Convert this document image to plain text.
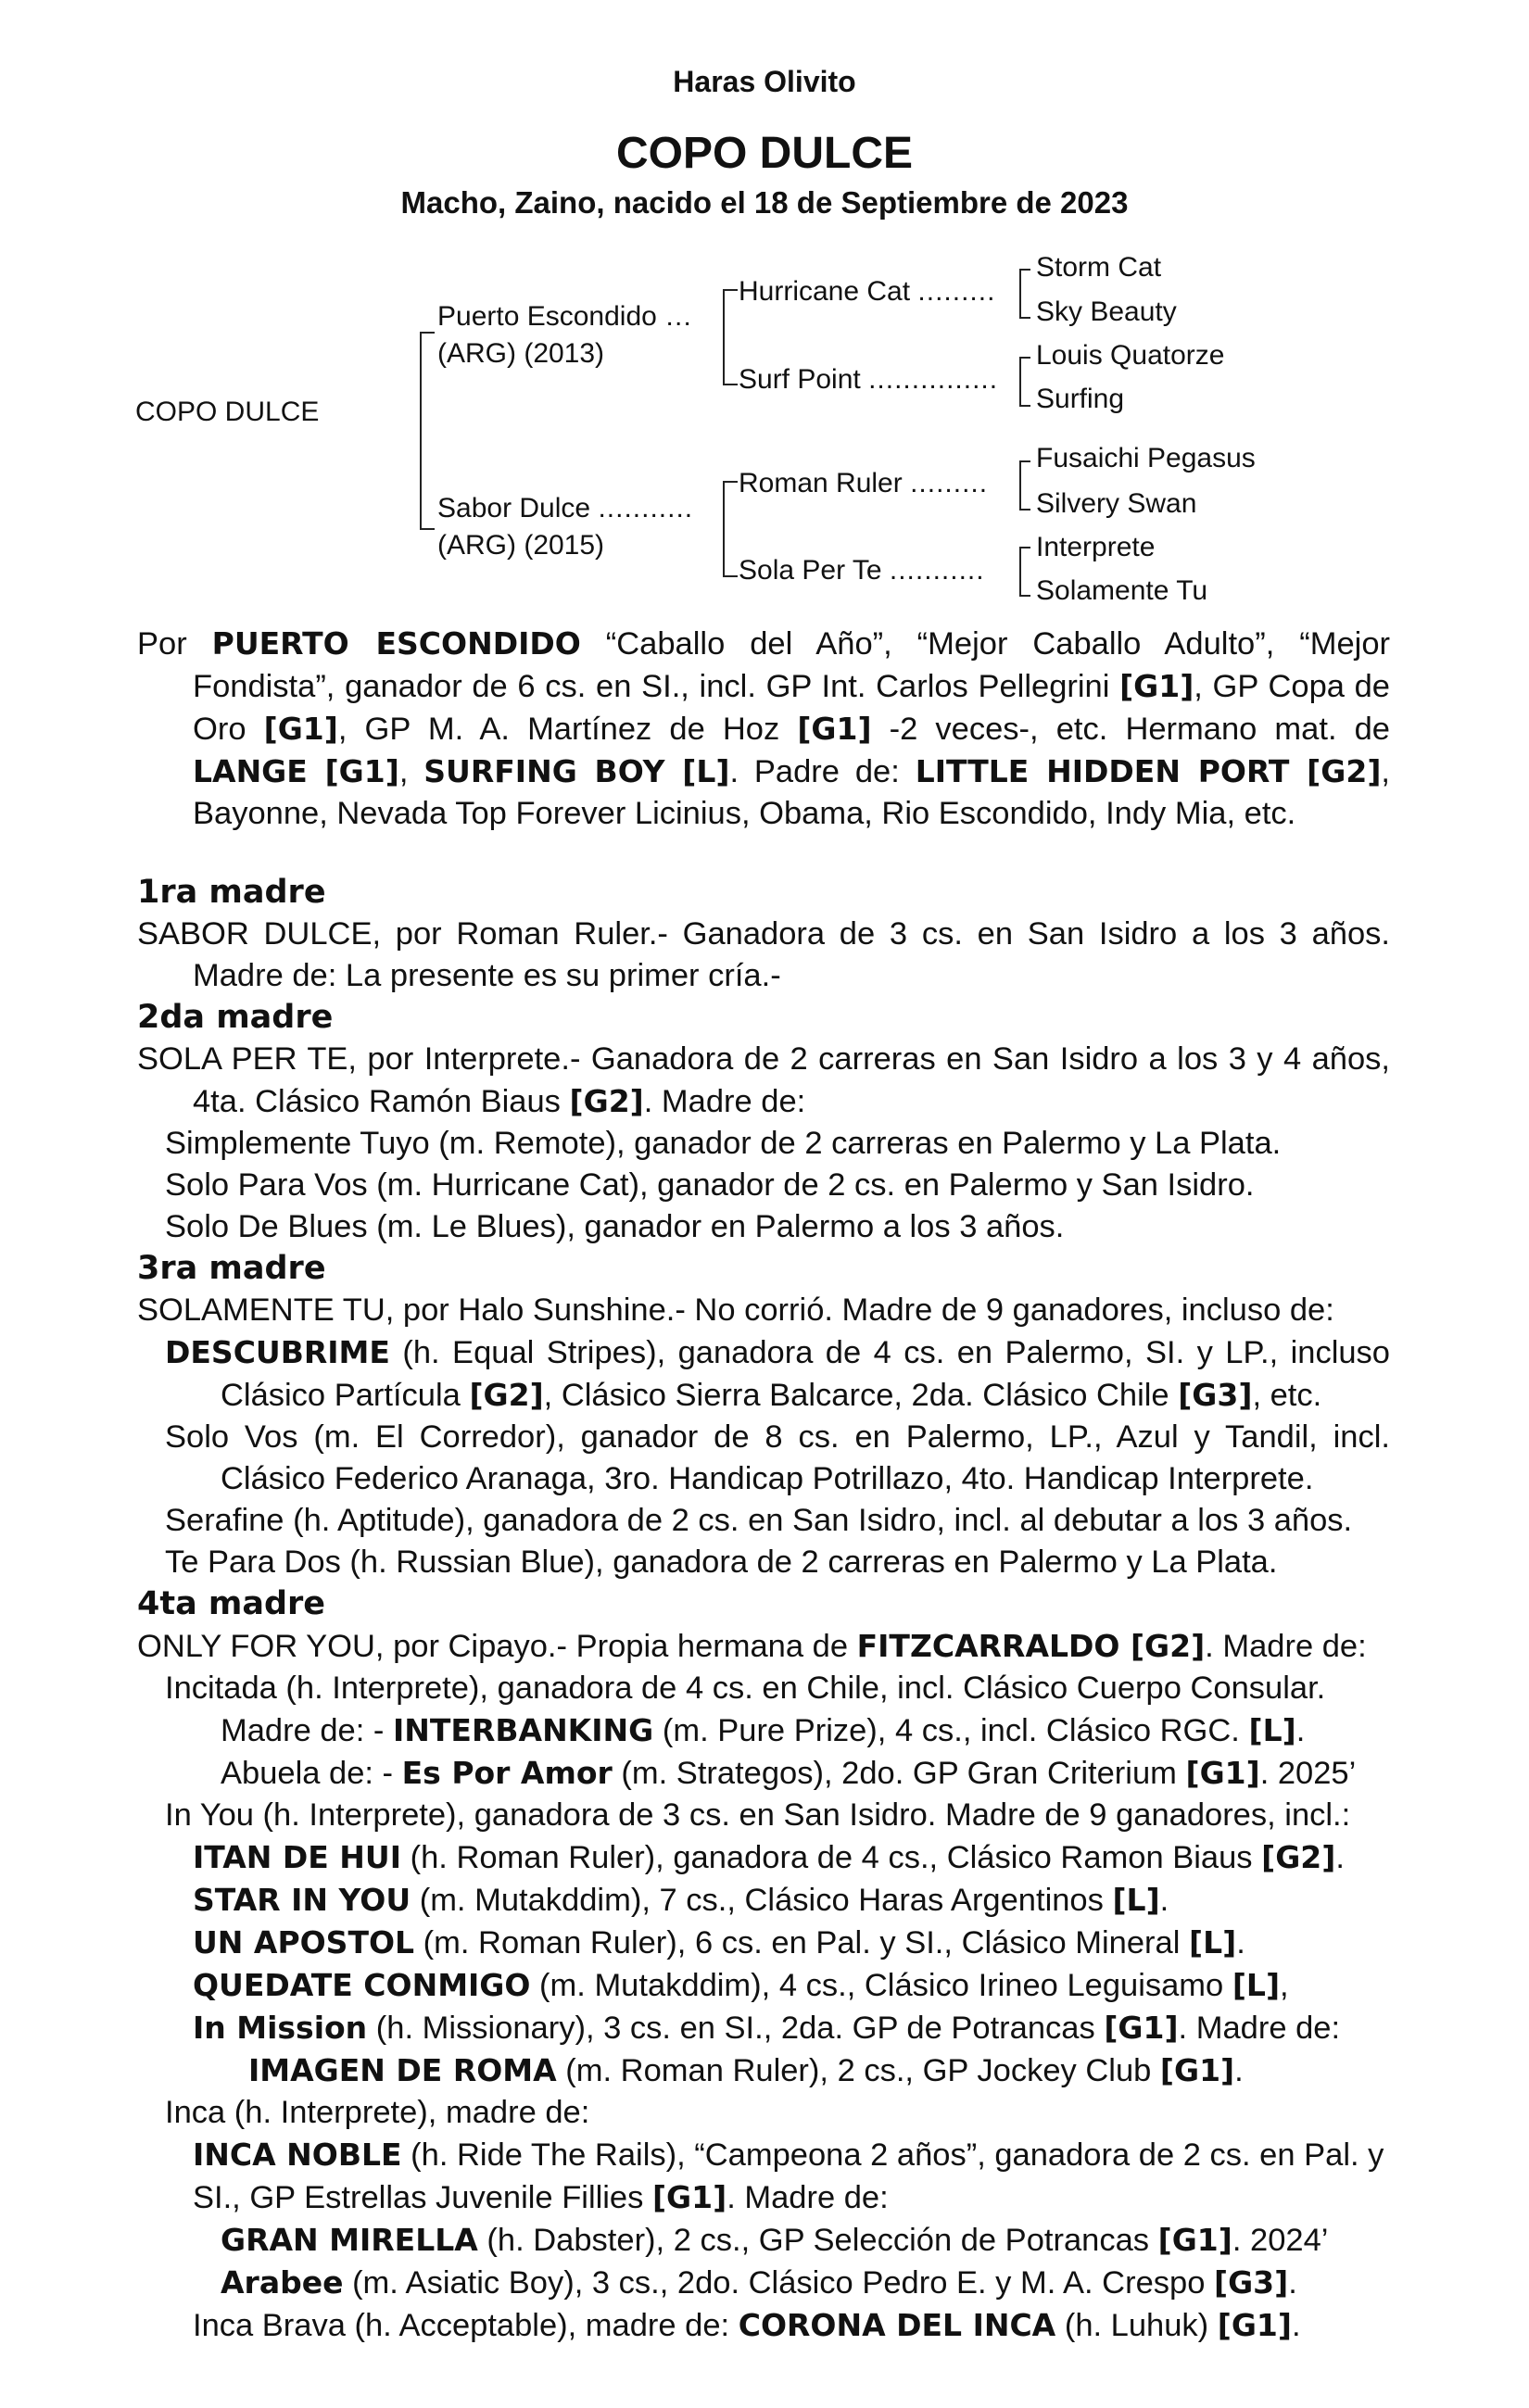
Haras Olivito
COPO DULCE
Macho, Zaino, nacido el 18 de Septiembre de 2023
COPO DULCE
Puerto Escondido …
(ARG) (2013)
Sabor Dulce ...........
(ARG) (2015)
Hurricane Cat .........
Surf Point ...............
Roman Ruler .........
Sola Per Te ...........
Storm Cat
Sky Beauty
Louis Quatorze
Surfing
Fusaichi Pegasus
Silvery Swan
Interprete
Solamente Tu

Por PUERTO ESCONDIDO “Caballo del Año”, “Mejor Caballo Adulto”, “Mejor Fondista”, ganador de 6 cs. en SI., incl. GP Int. Carlos Pellegrini [G1], GP Copa de Oro [G1], GP M. A. Martínez de Hoz [G1] -2 veces-, etc. Hermano mat. de LANGE [G1], SURFING BOY [L]. Padre de: LITTLE HIDDEN PORT [G2], Bayonne, Nevada Top Forever Licinius, Obama, Rio Escondido, Indy Mia, etc.

1ra madre

SABOR DULCE, por Roman Ruler.- Ganadora de 3 cs. en San Isidro a los 3 años. Madre de: La presente es su primer cría.-

2da madre

SOLA PER TE, por Interprete.- Ganadora de 2 carreras en San Isidro a los 3 y 4 años, 4ta. Clásico Ramón Biaus [G2]. Madre de:

Simplemente Tuyo (m. Remote), ganador de 2 carreras en Palermo y La Plata.

Solo Para Vos (m. Hurricane Cat), ganador de 2 cs. en Palermo y San Isidro.

Solo De Blues (m. Le Blues), ganador en Palermo a los 3 años.

3ra madre

SOLAMENTE TU, por Halo Sunshine.- No corrió. Madre de 9 ganadores, incluso de:

DESCUBRIME (h. Equal Stripes), ganadora de 4 cs. en Palermo, SI. y LP., incluso Clásico Partícula [G2], Clásico Sierra Balcarce, 2da. Clásico Chile [G3], etc.

Solo Vos (m. El Corredor), ganador de 8 cs. en Palermo, LP., Azul y Tandil, incl. Clásico Federico Aranaga, 3ro. Handicap Potrillazo, 4to. Handicap Interprete.

Serafine (h. Aptitude), ganadora de 2 cs. en San Isidro, incl. al debutar a los 3 años.

Te Para Dos (h. Russian Blue), ganadora de 2 carreras en Palermo y La Plata.

4ta madre

ONLY FOR YOU, por Cipayo.- Propia hermana de FITZCARRALDO [G2]. Madre de:

Incitada (h. Interprete), ganadora de 4 cs. en Chile, incl. Clásico Cuerpo Consular.

Madre de: - INTERBANKING (m. Pure Prize), 4 cs., incl. Clásico RGC. [L].

Abuela de: - Es Por Amor (m. Strategos), 2do. GP Gran Criterium [G1]. 2025’

In You (h. Interprete), ganadora de 3 cs. en San Isidro. Madre de 9 ganadores, incl.:

ITAN DE HUI (h. Roman Ruler), ganadora de 4 cs., Clásico Ramon Biaus [G2].

STAR IN YOU (m. Mutakddim), 7 cs., Clásico Haras Argentinos [L].

UN APOSTOL (m. Roman Ruler), 6 cs. en Pal. y SI., Clásico Mineral [L].

QUEDATE CONMIGO (m. Mutakddim), 4 cs., Clásico Irineo Leguisamo [L],

In Mission (h. Missionary), 3 cs. en SI., 2da. GP de Potrancas [G1]. Madre de:

IMAGEN DE ROMA (m. Roman Ruler), 2 cs., GP Jockey Club [G1].

Inca (h. Interprete), madre de:

INCA NOBLE (h. Ride The Rails), “Campeona 2 años”, ganadora de 2 cs. en Pal. y SI., GP Estrellas Juvenile Fillies [G1]. Madre de:

GRAN MIRELLA (h. Dabster), 2 cs., GP Selección de Potrancas [G1]. 2024’

Arabee (m. Asiatic Boy), 3 cs., 2do. Clásico Pedro E. y M. A. Crespo [G3].

Inca Brava (h. Acceptable), madre de: CORONA DEL INCA (h. Luhuk) [G1].
